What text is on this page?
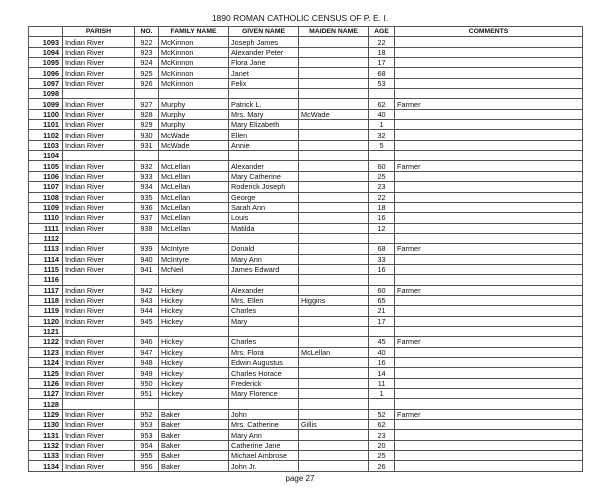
1890 ROMAN CATHOLIC CENSUS OF P. E. I.
	PARISH	NO.	FAMILY NAME	GIVEN NAME	MAIDEN NAME	AGE	COMMENTS
1093	Indian River	922	McKinnon	Joseph James		22	
1094	Indian River	923	McKinnon	Alexander Peter		18	
1095	Indian River	924	McKinnon	Flora Jane		17	
1096	Indian River	925	McKinnon	Janet		68	
1097	Indian River	926	McKinnon	Felix		53	
1098							
1099	Indian River	927	Murphy	Patrick L.		62	Farmer
1100	Indian River	928	Murphy	Mrs. Mary	McWade	40	
1101	Indian River	929	Murphy	Mary Elizabeth		1	
1102	Indian River	930	McWade	Ellen		32	
1103	Indian River	931	McWade	Annie		5	
1104							
1105	Indian River	932	McLellan	Alexander		60	Farmer
1106	Indian River	933	McLellan	Mary Catherine		25	
1107	Indian River	934	McLellan	Roderick Joseph		23	
1108	Indian River	935	McLellan	George		22	
1109	Indian River	936	McLellan	Sarah Ann		18	
1110	Indian River	937	McLellan	Louis		16	
1111	Indian River	938	McLellan	Matilda		12	
1112							
1113	Indian River	939	McIntyre	Donald		68	Farmer
1114	Indian River	940	McIntyre	Mary Ann		33	
1115	Indian River	941	McNeil	James Edward		16	
1116							
1117	Indian River	942	Hickey	Alexander		60	Farmer
1118	Indian River	943	Hickey	Mrs. Ellen	Higgins	65	
1119	Indian River	944	Hickey	Charles		21	
1120	Indian River	945	Hickey	Mary		17	
1121							
1122	Indian River	946	Hickey	Charles		45	Farmer
1123	Indian River	947	Hickey	Mrs. Flora	McLellan	40	
1124	Indian River	948	Hickey	Edwin Augustus		16	
1125	Indian River	949	Hickey	Charles Horace		14	
1126	Indian River	950	Hickey	Frederick		11	
1127	Indian River	951	Hickey	Mary Florence		1	
1128							
1129	Indian River	952	Baker	John		52	Farmer
1130	Indian River	953	Baker	Mrs. Catherine	Gillis	62	
1131	Indian River	953	Baker	Mary Ann		23	
1132	Indian River	954	Baker	Catherine Jane		20	
1133	Indian River	955	Baker	Michael Ambrose		25	
1134	Indian River	956	Baker	John Jr.		26	
page 27
